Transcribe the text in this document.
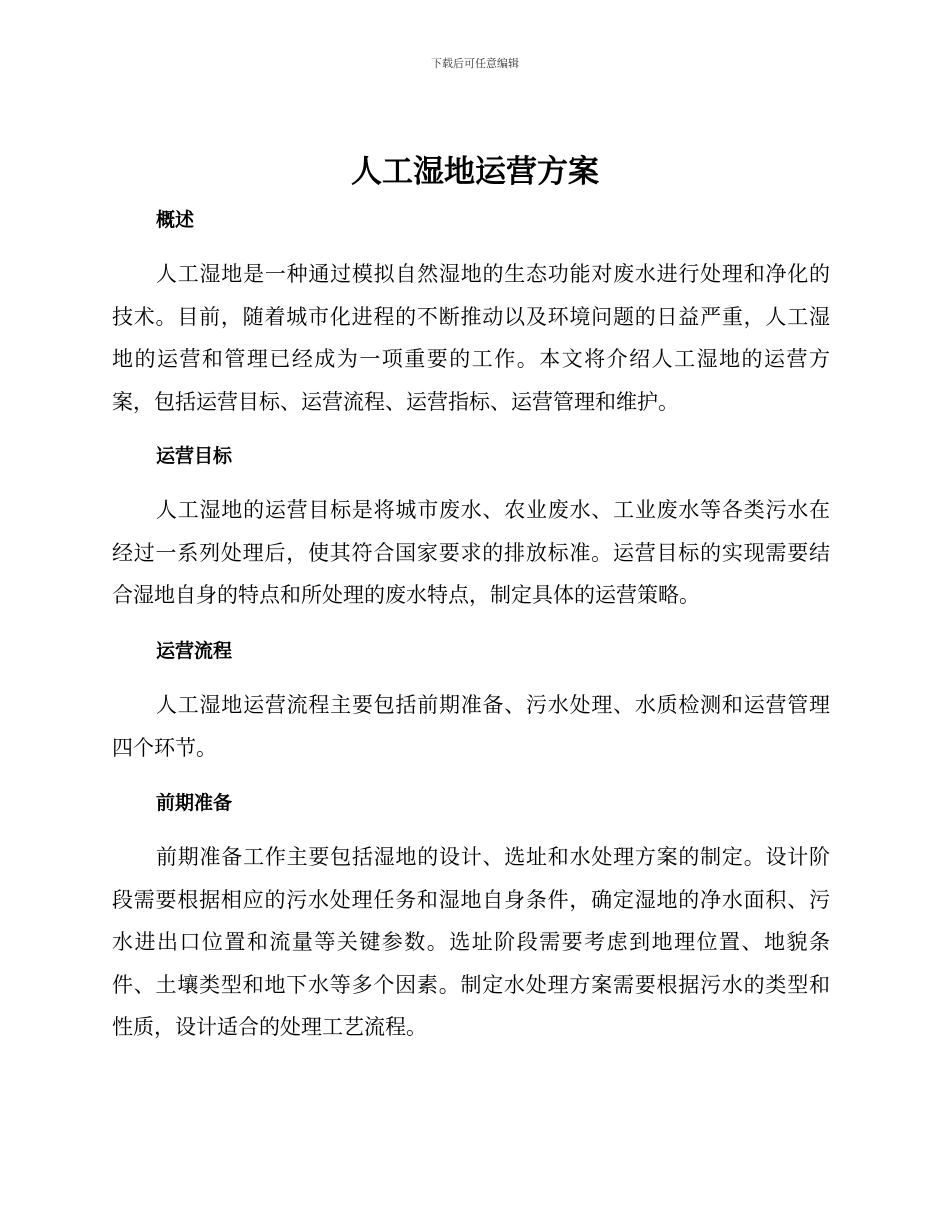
下载后可任意编辑
人工湿地运营方案
概述
人工湿地是一种通过模拟自然湿地的生态功能对废水进行处理和净化的
技术。目前，随着城市化进程的不断推动以及环境问题的日益严重，人工湿
地的运营和管理已经成为一项重要的工作。本文将介绍人工湿地的运营方
案，包括运营目标、运营流程、运营指标、运营管理和维护。
运营目标
人工湿地的运营目标是将城市废水、农业废水、工业废水等各类污水在
经过一系列处理后，使其符合国家要求的排放标准。运营目标的实现需要结
合湿地自身的特点和所处理的废水特点，制定具体的运营策略。
运营流程
人工湿地运营流程主要包括前期准备、污水处理、水质检测和运营管理
四个环节。
前期准备
前期准备工作主要包括湿地的设计、选址和水处理方案的制定。设计阶
段需要根据相应的污水处理任务和湿地自身条件，确定湿地的净水面积、污
水进出口位置和流量等关键参数。选址阶段需要考虑到地理位置、地貌条
件、土壤类型和地下水等多个因素。制定水处理方案需要根据污水的类型和
性质，设计适合的处理工艺流程。
